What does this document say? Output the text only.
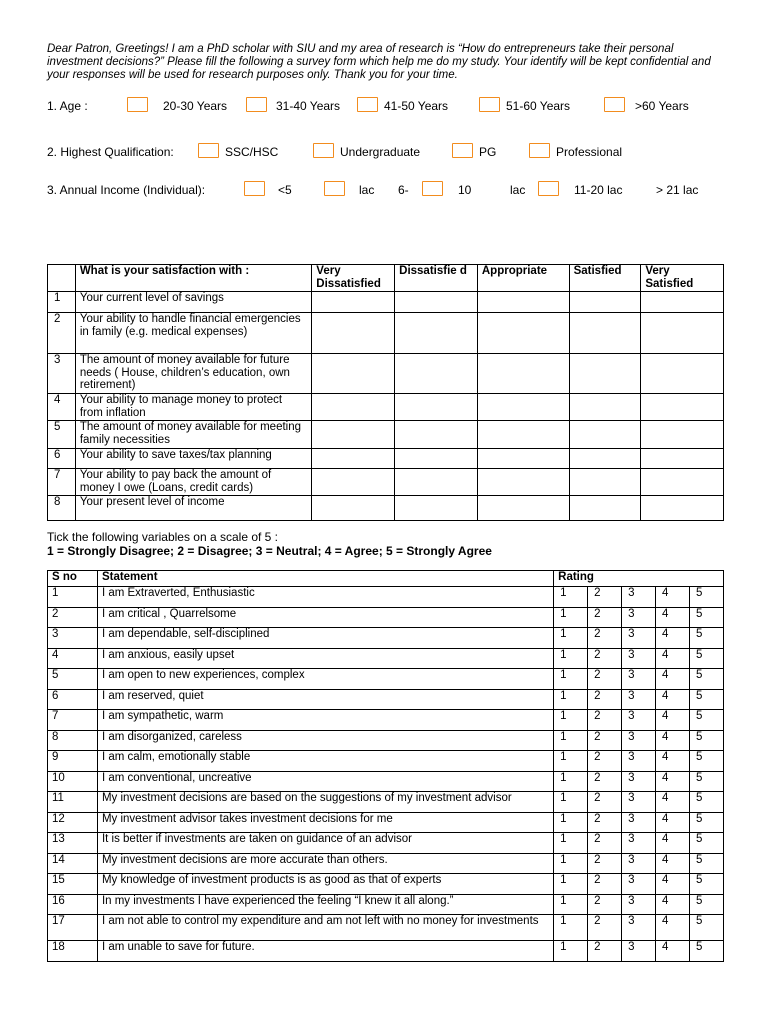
Dear Patron, Greetings! I am a PhD scholar with SIU and my area of research is “How do entrepreneurs take their personal investment decisions?” Please fill the following a survey form which help me do my study. Your identify will be kept confidential and your responses will be used for research purposes only. Thank you for your time.
1. Age :	20-30 Years	31-40 Years	41-50 Years	51-60 Years	>60 Years
2. Highest Qualification:	SSC/HSC	Undergraduate	PG	Professional
3. Annual Income (Individual):	<5	lac 6-	10	lac	11-20 lac	> 21 lac
	What is your satisfaction with :	Very Dissatisfied	Dissatisfie d	Appropriate	Satisfied	Very Satisfied
1	Your current level of savings					
2	Your ability to handle financial emergencies in family (e.g. medical expenses)					
3	The amount of money available for future needs ( House, children’s education, own retirement)					
4	Your ability to manage money to protect from inflation					
5	The amount of money available for meeting family necessities					
6	Your ability to save taxes/tax planning					
7	Your ability to pay back the amount of money I owe (Loans, credit cards)					
8	Your present level of income					
Tick the following variables on a scale of 5 :
1 = Strongly Disagree; 2 = Disagree; 3 = Neutral; 4 = Agree; 5 = Strongly Agree
S no	Statement	Rating				
1	I am Extraverted, Enthusiastic	1	2	3	4	5
2	I am critical , Quarrelsome	1	2	3	4	5
3	I am dependable, self-disciplined	1	2	3	4	5
4	I am anxious, easily upset	1	2	3	4	5
5	I am open to new experiences, complex	1	2	3	4	5
6	I am reserved, quiet	1	2	3	4	5
7	I am sympathetic, warm	1	2	3	4	5
8	I am disorganized, careless	1	2	3	4	5
9	I am calm, emotionally stable	1	2	3	4	5
10	I am conventional, uncreative	1	2	3	4	5
11	My investment decisions are based on the suggestions of my investment advisor	1	2	3	4	5
12	My investment advisor takes investment decisions for me	1	2	3	4	5
13	It is better if investments are taken on guidance of an advisor	1	2	3	4	5
14	My investment decisions are more accurate than others.	1	2	3	4	5
15	My knowledge of investment products is as good as that of experts	1	2	3	4	5
16	In my investments I have experienced the feeling “I knew it all along.”	1	2	3	4	5
17	I am not able to control my expenditure and am not left with no money for investments	1	2	3	4	5
18	I am unable to save for future.	1	2	3	4	5
